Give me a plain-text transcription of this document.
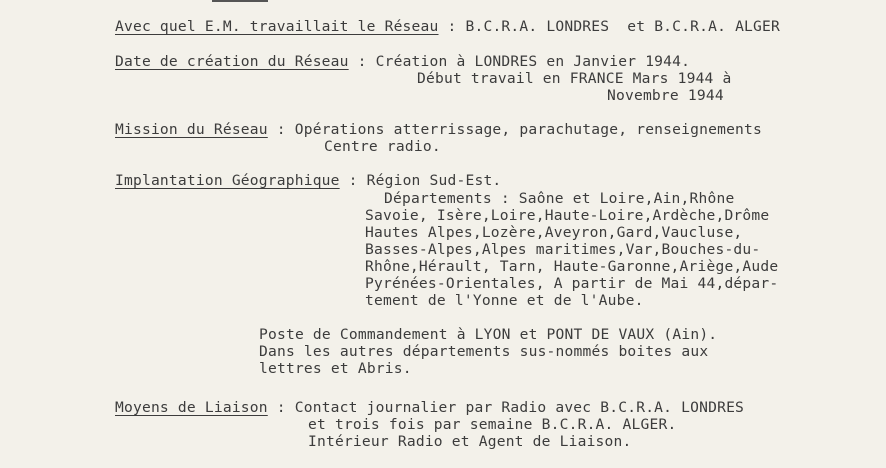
Avec quel E.M. travaillait le Réseau : B.C.R.A. LONDRES  et B.C.R.A. ALGER
Date de création du Réseau : Création à LONDRES en Janvier 1944.
Début travail en FRANCE Mars 1944 à
Novembre 1944
Mission du Réseau : Opérations atterrissage, parachutage, renseignements
Centre radio.
Implantation Géographique : Région Sud-Est.
Départements : Saône et Loire,Ain,Rhône
Savoie, Isère,Loire,Haute-Loire,Ardèche,Drôme
Hautes Alpes,Lozère,Aveyron,Gard,Vaucluse,
Basses-Alpes,Alpes maritimes,Var,Bouches-du-
Rhône,Hérault, Tarn, Haute-Garonne,Ariège,Aude
Pyrénées-Orientales, A partir de Mai 44,dépar-
tement de l'Yonne et de l'Aube.
Poste de Commandement à LYON et PONT DE VAUX (Ain).
Dans les autres départements sus-nommés boites aux
lettres et Abris.
Moyens de Liaison : Contact journalier par Radio avec B.C.R.A. LONDRES
et trois fois par semaine B.C.R.A. ALGER.
Intérieur Radio et Agent de Liaison.
